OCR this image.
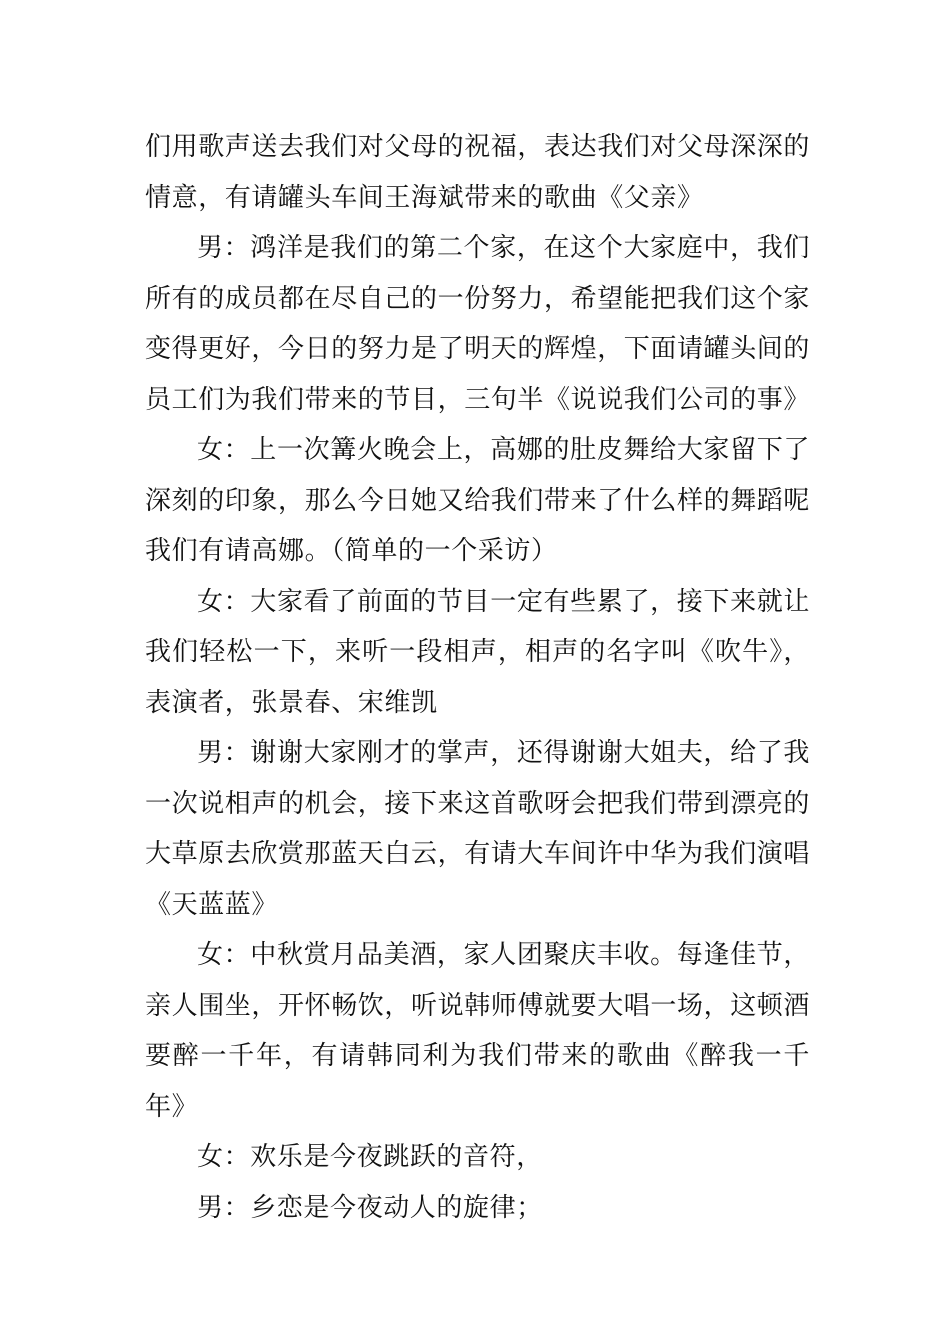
们用歌声送去我们对父母的祝福，表达我们对父母深深的情意，有请罐头车间王海斌带来的歌曲《父亲》

男：鸿洋是我们的第二个家，在这个大家庭中，我们所有的成员都在尽自己的一份努力，希望能把我们这个家变得更好，今日的努力是了明天的辉煌，下面请罐头间的员工们为我们带来的节目，三句半《说说我们公司的事》

女：上一次篝火晚会上，高娜的肚皮舞给大家留下了深刻的印象，那么今日她又给我们带来了什么样的舞蹈呢我们有请高娜。（简单的一个采访）

女：大家看了前面的节目一定有些累了，接下来就让我们轻松一下，来听一段相声，相声的名字叫《吹牛》，表演者，张景春、宋维凯

男：谢谢大家刚才的掌声，还得谢谢大姐夫，给了我一次说相声的机会，接下来这首歌呀会把我们带到漂亮的大草原去欣赏那蓝天白云，有请大车间许中华为我们演唱《天蓝蓝》

女：中秋赏月品美酒，家人团聚庆丰收。每逢佳节，亲人围坐，开怀畅饮，听说韩师傅就要大唱一场，这顿酒要醉一千年，有请韩同利为我们带来的歌曲《醉我一千年》

女：欢乐是今夜跳跃的音符，

男：乡恋是今夜动人的旋律；
